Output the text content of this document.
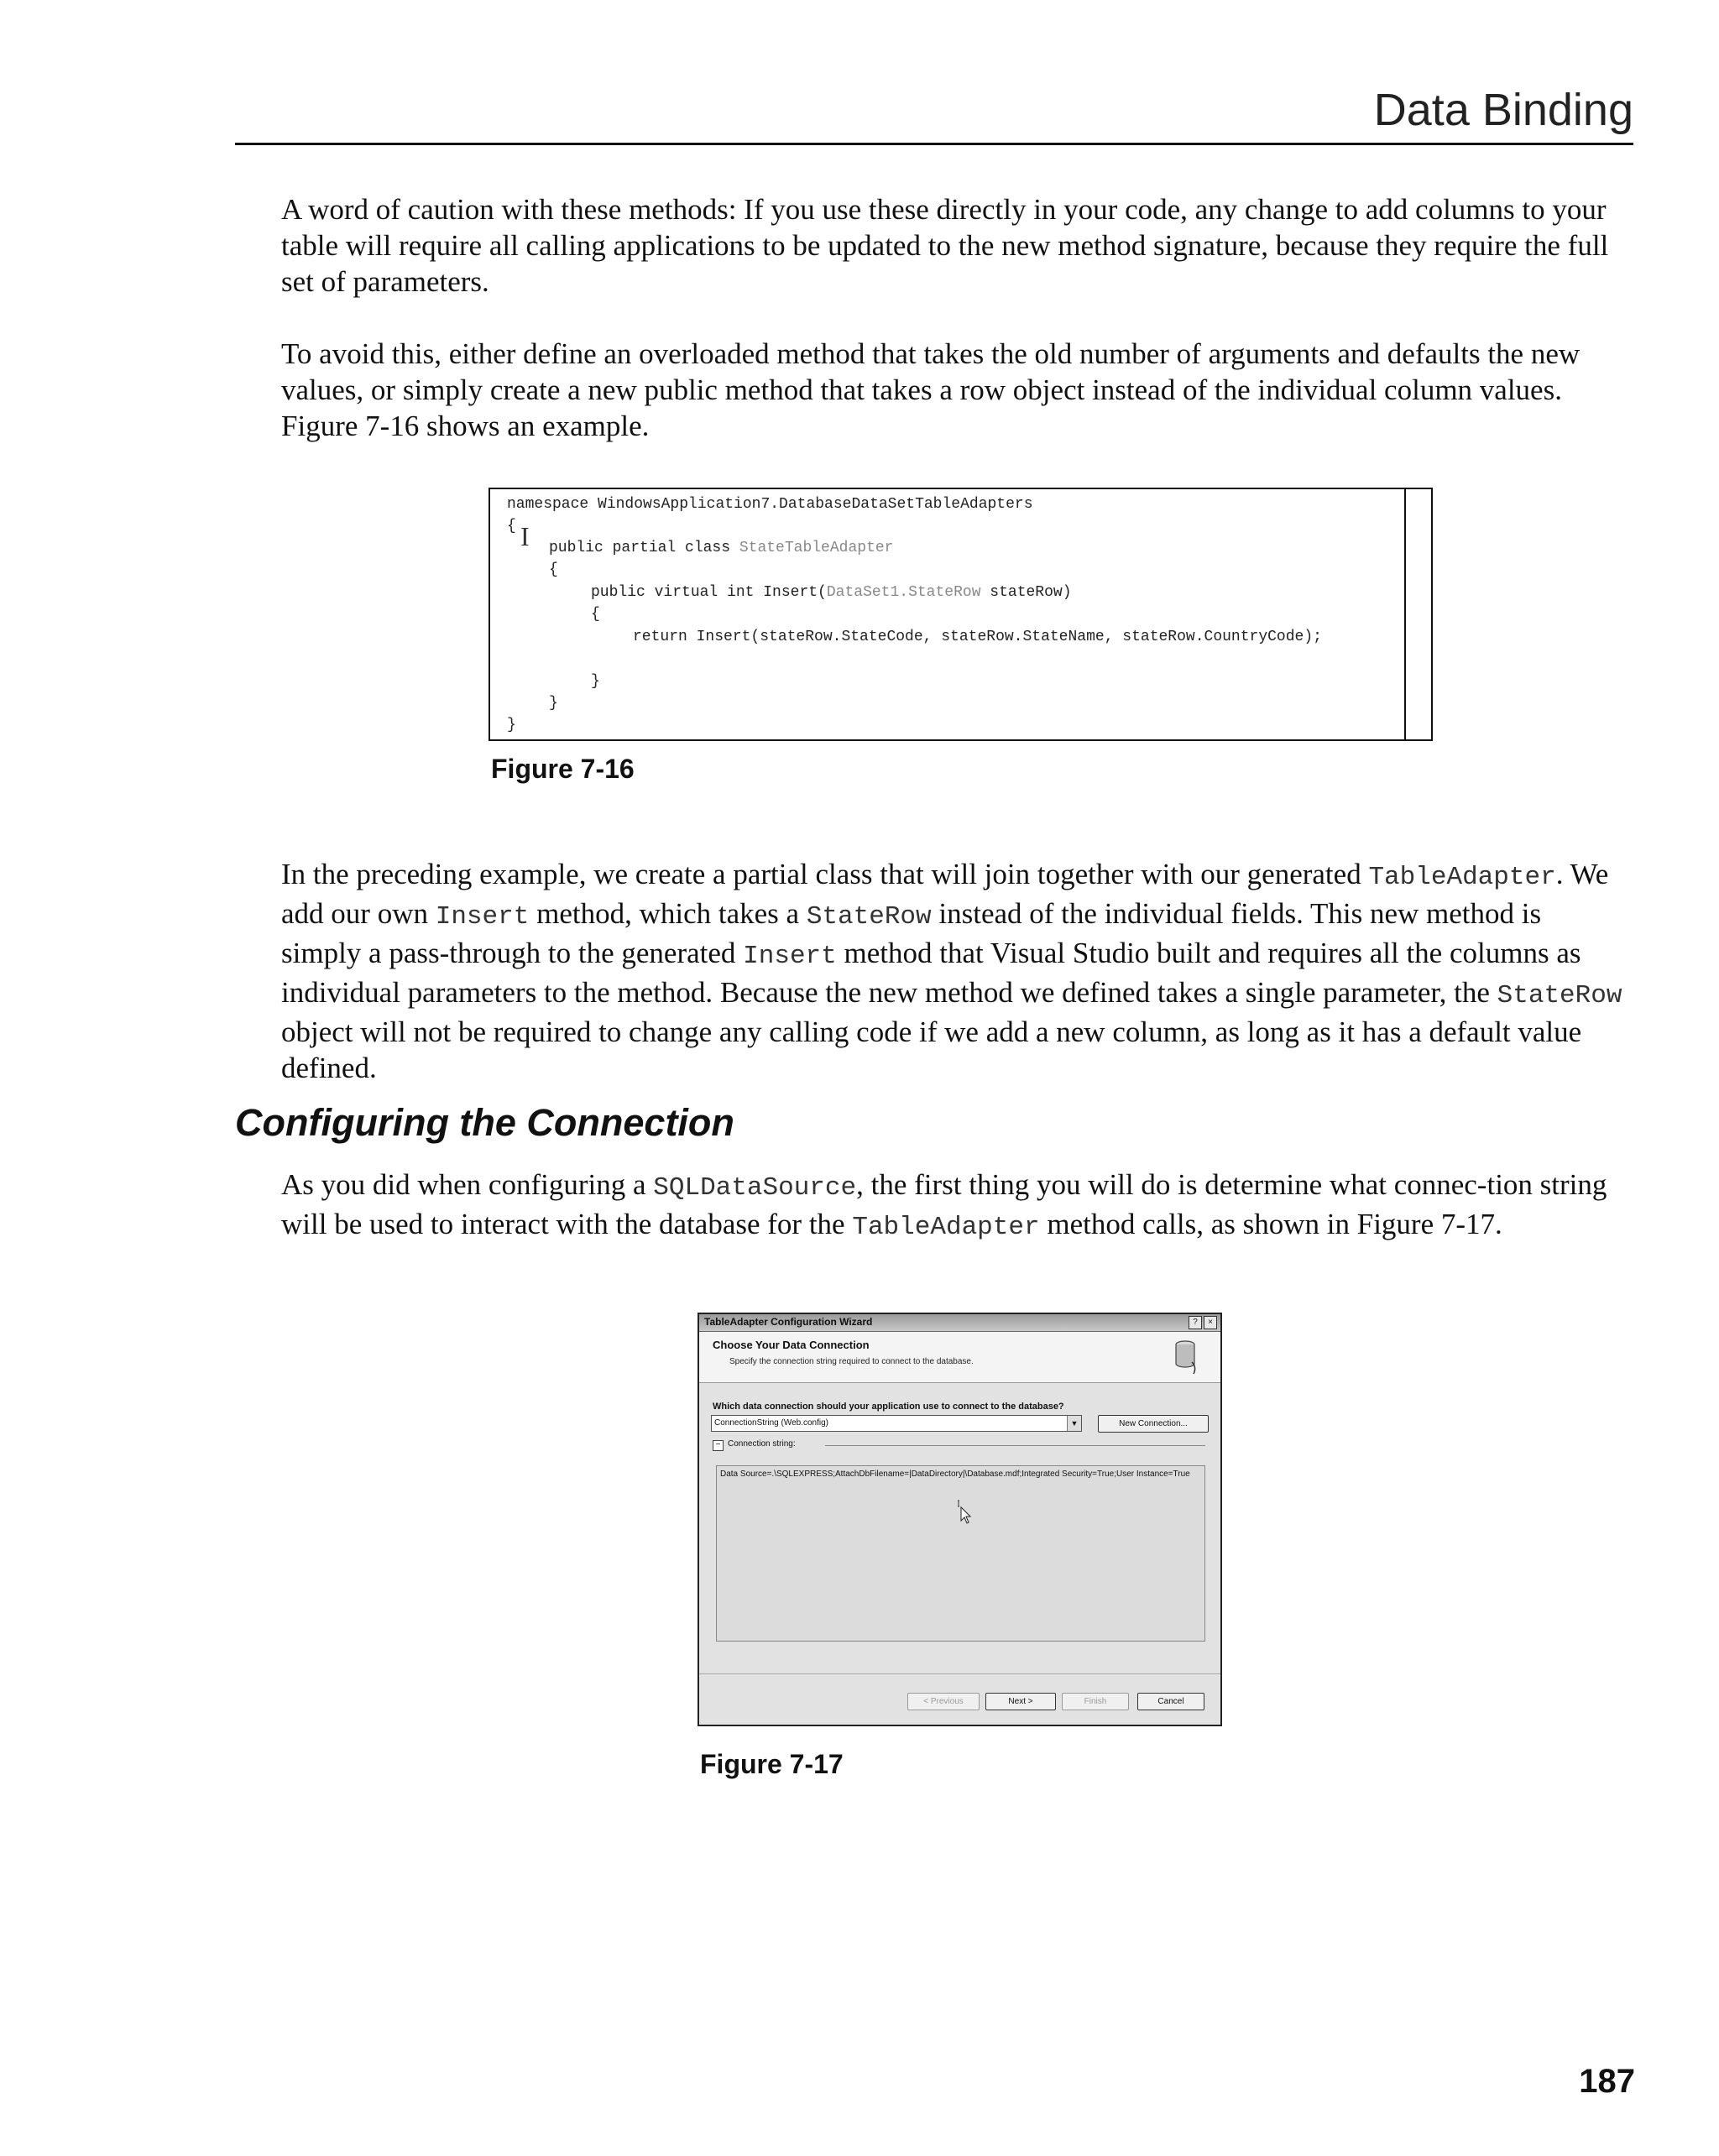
Data Binding

A word of caution with these methods: If you use these directly in your code, any change to add columns to your table will require all calling applications to be updated to the new method signature, because they require the full set of parameters.

To avoid this, either define an overloaded method that takes the old number of arguments and defaults the new values, or simply create a new public method that takes a row object instead of the individual column values. Figure 7-16 shows an example.

namespace WindowsApplication7.DatabaseDataSetTableAdapters
{ I public partial class StateTableAdapter
{
public virtual int Insert(DataSet1.StateRow stateRow)
{
return Insert(stateRow.StateCode, stateRow.StateName, stateRow.CountryCode);
}
}
}
Figure 7-16

In the preceding example, we create a partial class that will join together with our generated TableAdapter. We add our own Insert method, which takes a StateRow instead of the individual fields. This new method is simply a pass-through to the generated Insert method that Visual Studio built and requires all the columns as individual parameters to the method. Because the new method we defined takes a single parameter, the StateRow object will not be required to change any calling code if we add a new column, as long as it has a default value defined.

Configuring the Connection

As you did when configuring a SQLDataSource, the first thing you will do is determine what connec-tion string will be used to interact with the database for the TableAdapter method calls, as shown in Figure 7-17.

TableAdapter Configuration Wizard	?	×
Choose Your Data Connection
Specify the connection string required to connect to the database.
Which data connection should your application use to connect to the database?
ConnectionString (Web.config)	▼	New Connection...
− Connection string:
Data Source=.\SQLEXPRESS;AttachDbFilename=|DataDirectory|\Database.mdf;Integrated Security=True;User Instance=True
< Previous	Next >	Finish	Cancel
Figure 7-17
187
